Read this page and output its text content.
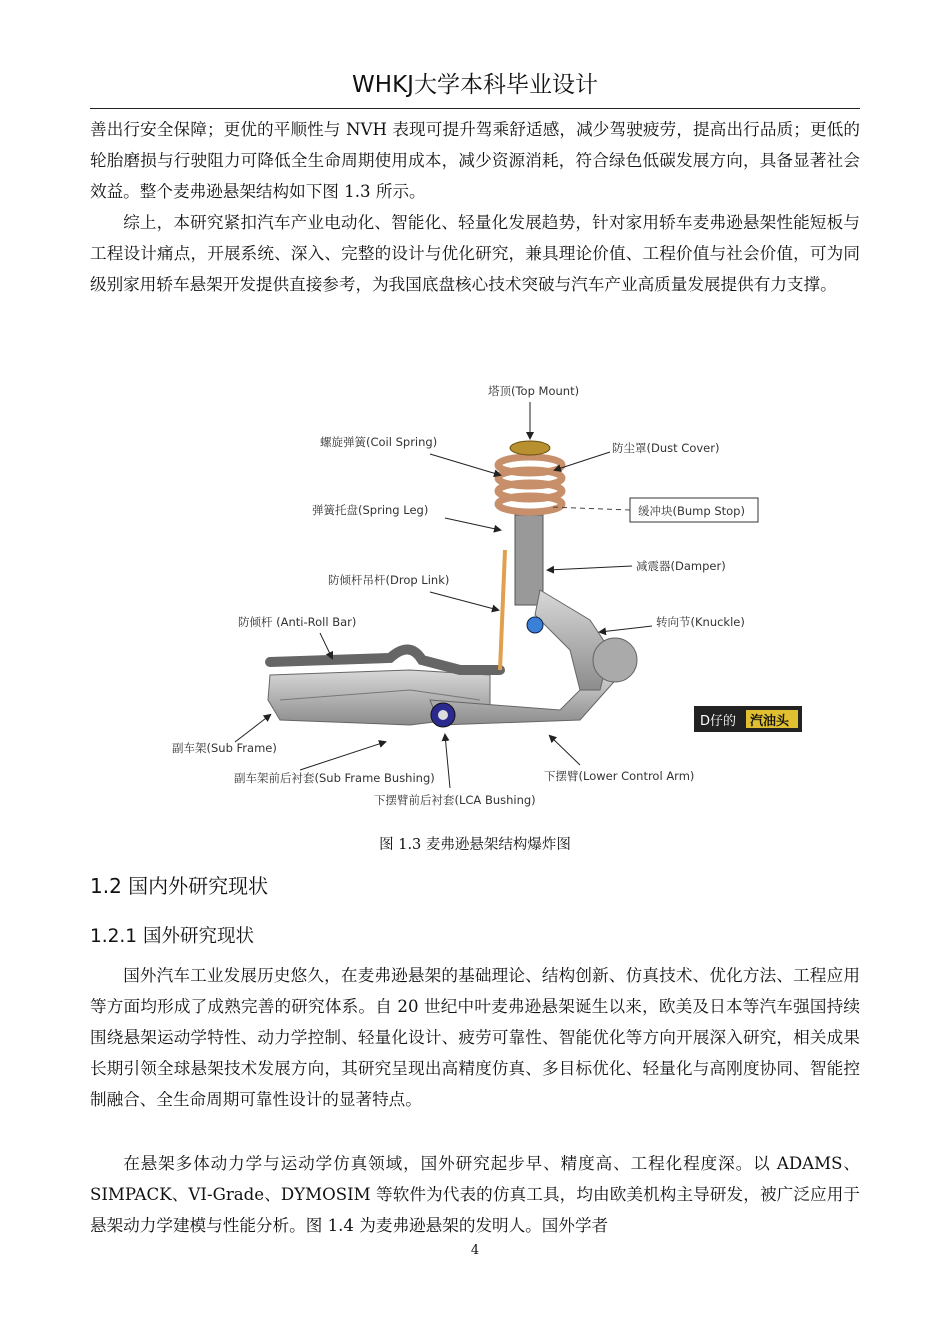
WHKJ大学本科毕业设计

善出行安全保障；更优的平顺性与 NVH 表现可提升驾乘舒适感，减少驾驶疲劳，提高出行品质；更低的轮胎磨损与行驶阻力可降低全生命周期使用成本，减少资源消耗，符合绿色低碳发展方向，具备显著社会效益。整个麦弗逊悬架结构如下图 1.3 所示。

综上，本研究紧扣汽车产业电动化、智能化、轻量化发展趋势，针对家用轿车麦弗逊悬架性能短板与工程设计痛点，开展系统、深入、完整的设计与优化研究，兼具理论价值、工程价值与社会价值，可为同级别家用轿车悬架开发提供直接参考，为我国底盘核心技术突破与汽车产业高质量发展提供有力支撑。

塔顶(Top Mount)
螺旋弹簧(Coil Spring)	防尘罩(Dust Cover)
弹簧托盘(Spring Leg)	缓冲块(Bump Stop)
减震器(Damper)
防倾杆吊杆(Drop Link)
防倾杆 (Anti-Roll Bar)	转向节(Knuckle)
D仔的 汽油头
副车架(Sub Frame)
副车架前后衬套(Sub Frame Bushing)	下摆臂(Lower Control Arm)
下摆臂前后衬套(LCA Bushing)
图 1.3 麦弗逊悬架结构爆炸图
1.2 国内外研究现状
1.2.1 国外研究现状

国外汽车工业发展历史悠久，在麦弗逊悬架的基础理论、结构创新、仿真技术、优化方法、工程应用等方面均形成了成熟完善的研究体系。自 20 世纪中叶麦弗逊悬架诞生以来，欧美及日本等汽车强国持续围绕悬架运动学特性、动力学控制、轻量化设计、疲劳可靠性、智能优化等方向开展深入研究，相关成果长期引领全球悬架技术发展方向，其研究呈现出高精度仿真、多目标优化、轻量化与高刚度协同、智能控制融合、全生命周期可靠性设计的显著特点。

在悬架多体动力学与运动学仿真领域，国外研究起步早、精度高、工程化程度深。以 ADAMS、SIMPACK、VI-Grade、DYMOSIM 等软件为代表的仿真工具，均由欧美机构主导研发，被广泛应用于悬架动力学建模与性能分析。图 1.4 为麦弗逊悬架的发明人。国外学者

4
